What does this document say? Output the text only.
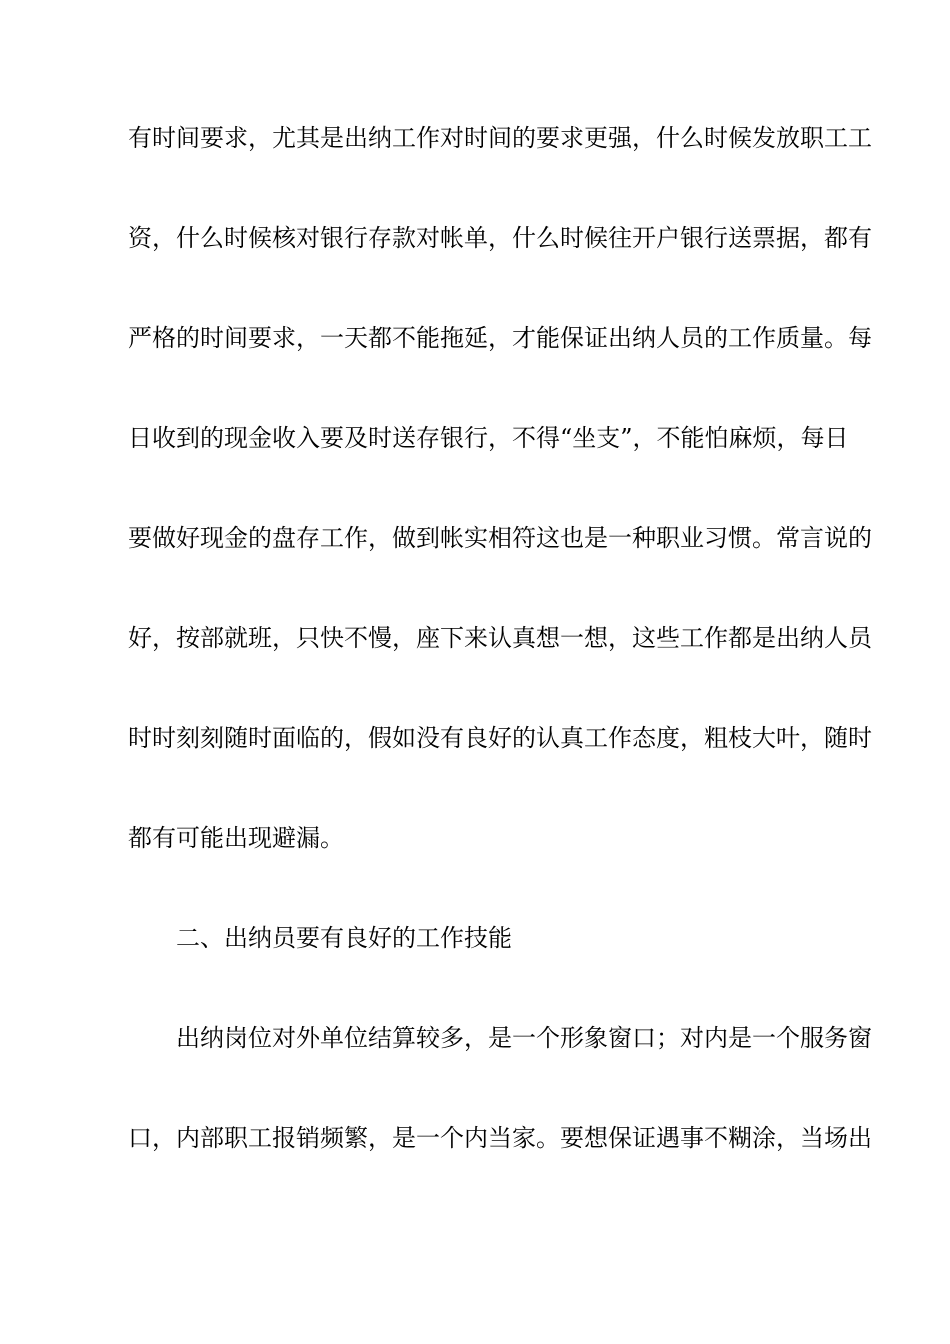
有时间要求，尤其是出纳工作对时间的要求更强，什么时候发放职工工
资，什么时候核对银行存款对帐单，什么时候往开户银行送票据，都有
严格的时间要求，一天都不能拖延，才能保证出纳人员的工作质量。每
日收到的现金收入要及时送存银行，不得“坐支”，不能怕麻烦，每日
要做好现金的盘存工作，做到帐实相符这也是一种职业习惯。常言说的
好，按部就班，只快不慢，座下来认真想一想，这些工作都是出纳人员
时时刻刻随时面临的，假如没有良好的认真工作态度，粗枝大叶，随时
都有可能出现避漏。
二、出纳员要有良好的工作技能
出纳岗位对外单位结算较多，是一个形象窗口；对内是一个服务窗
口，内部职工报销频繁，是一个内当家。要想保证遇事不糊涂，当场出
